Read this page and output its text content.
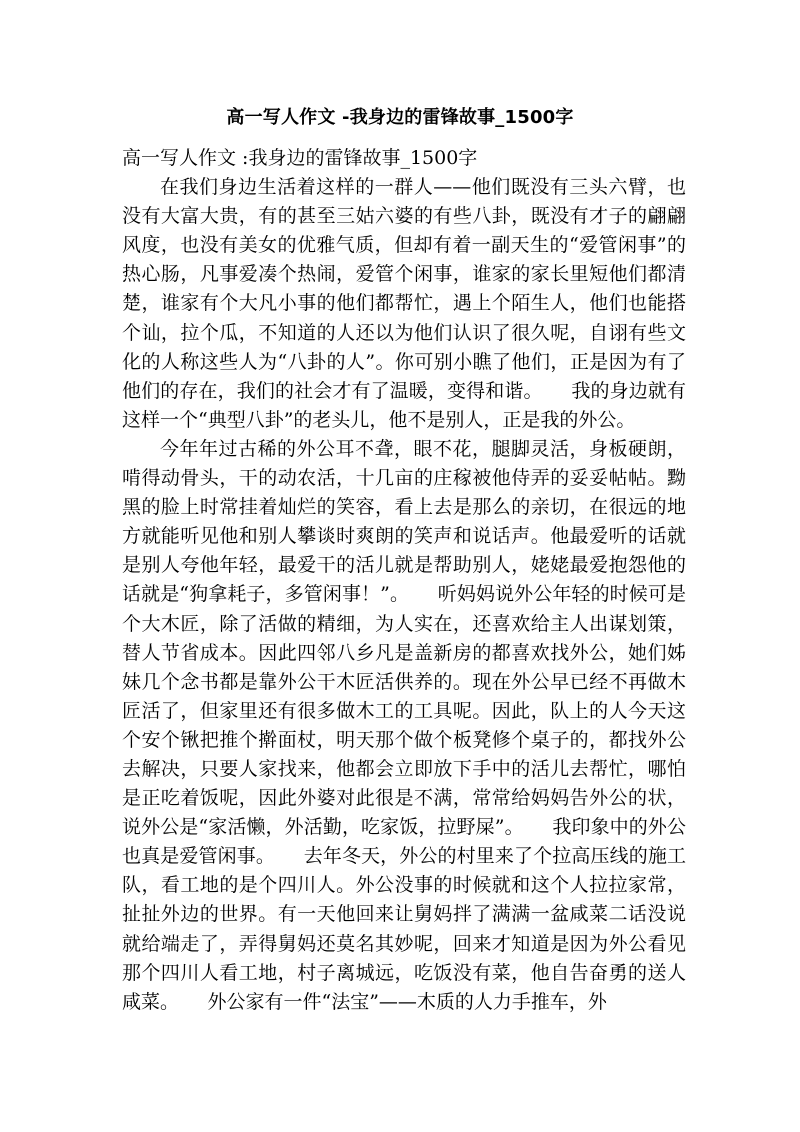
高一写人作文 -我身边的雷锋故事_1500字

高一写人作文 :我身边的雷锋故事_1500字

在我们身边生活着这样的一群人——他们既没有三头六臂，也没有大富大贵，有的甚至三姑六婆的有些八卦，既没有才子的翩翩风度，也没有美女的优雅气质，但却有着一副天生的“爱管闲事”的热心肠，凡事爱凑个热闹，爱管个闲事，谁家的家长里短他们都清楚，谁家有个大凡小事的他们都帮忙，遇上个陌生人，他们也能搭个讪，拉个瓜，不知道的人还以为他们认识了很久呢，自诩有些文化的人称这些人为“八卦的人”。你可别小瞧了他们，正是因为有了他们的存在，我们的社会才有了温暖，变得和谐。　　我的身边就有这样一个“典型八卦”的老头儿，他不是别人，正是我的外公。

今年年过古稀的外公耳不聋，眼不花，腿脚灵活，身板硬朗，啃得动骨头，干的动农活，十几亩的庄稼被他侍弄的妥妥帖帖。黝黑的脸上时常挂着灿烂的笑容，看上去是那么的亲切，在很远的地方就能听见他和别人攀谈时爽朗的笑声和说话声。他最爱听的话就是别人夸他年轻，最爱干的活儿就是帮助别人，姥姥最爱抱怨他的话就是“狗拿耗子，多管闲事！”。　　听妈妈说外公年轻的时候可是个大木匠，除了活做的精细，为人实在，还喜欢给主人出谋划策，替人节省成本。因此四邻八乡凡是盖新房的都喜欢找外公，她们姊妹几个念书都是靠外公干木匠活供养的。现在外公早已经不再做木匠活了，但家里还有很多做木工的工具呢。因此，队上的人今天这个安个锹把推个擀面杖，明天那个做个板凳修个桌子的，都找外公去解决，只要人家找来，他都会立即放下手中的活儿去帮忙，哪怕是正吃着饭呢，因此外婆对此很是不满，常常给妈妈告外公的状，说外公是“家活懒，外活勤，吃家饭，拉野屎”。　　我印象中的外公也真是爱管闲事。　　去年冬天，外公的村里来了个拉高压线的施工队，看工地的是个四川人。外公没事的时候就和这个人拉拉家常，扯扯外边的世界。有一天他回来让舅妈拌了满满一盆咸菜二话没说就给端走了，弄得舅妈还莫名其妙呢，回来才知道是因为外公看见那个四川人看工地，村子离城远，吃饭没有菜，他自告奋勇的送人咸菜。　　外公家有一件“法宝”——木质的人力手推车，外
